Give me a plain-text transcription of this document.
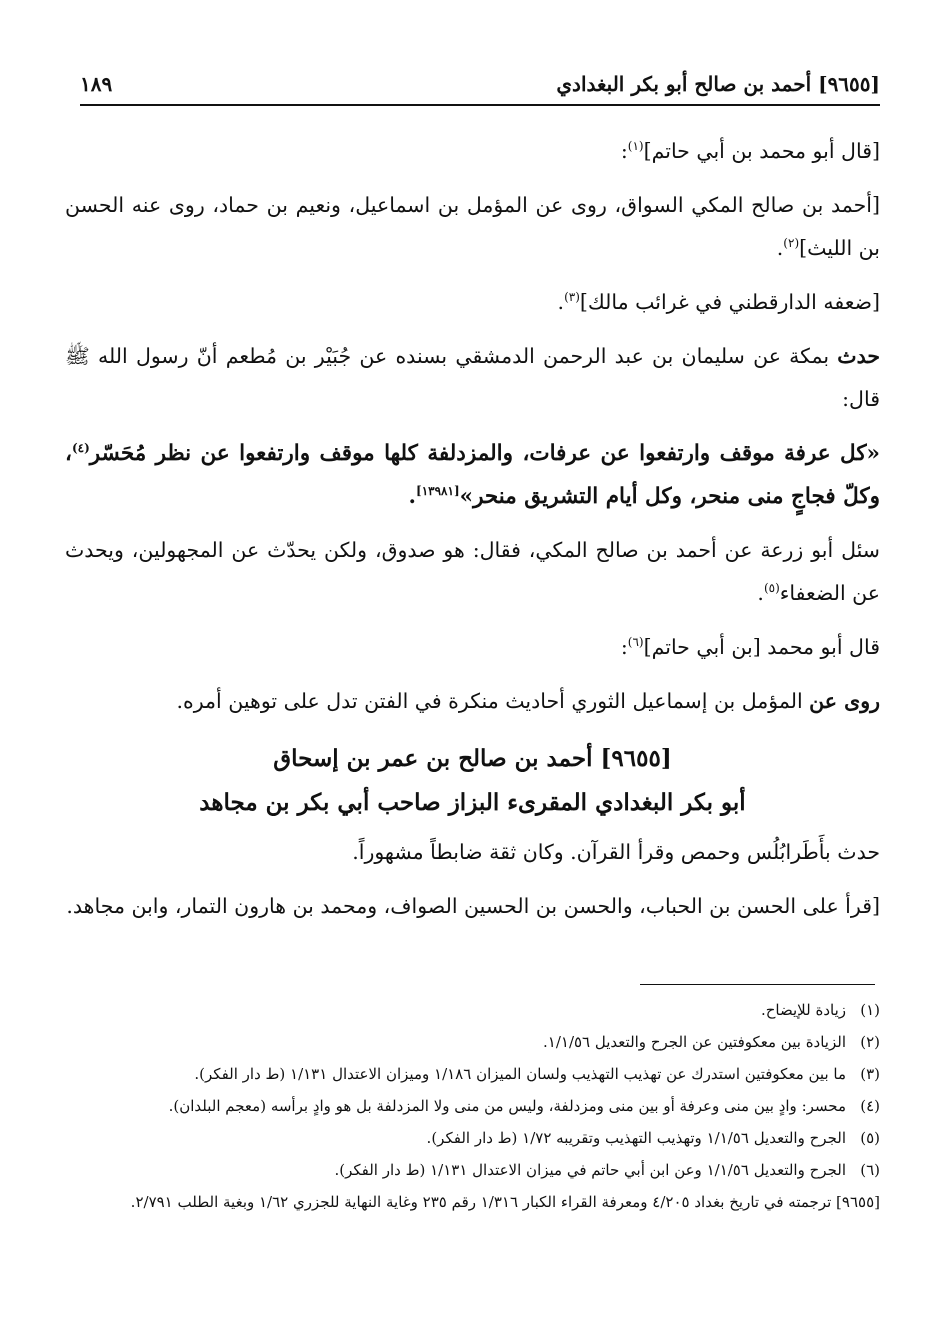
[٩٦٥٥] أحمد بن صالح أبو بكر البغدادي
١٨٩

[قال أبو محمد بن أبي حاتم]$^{(١)}$:

[أحمد بن صالح المكي السواق، روى عن المؤمل بن اسماعيل، ونعيم بن حماد، روى عنه الحسن بن الليث]$^{(٢)}$.

[ضعفه الدارقطني في غرائب مالك]$^{(٣)}$.

حدث بمكة عن سليمان بن عبد الرحمن الدمشقي بسنده عن جُبَيْر بن مُطعم أنّ رسول الله ﷺ قال:

«كل عرفة موقف وارتفعوا عن عرفات، والمزدلفة كلها موقف وارتفعوا عن نظر مُحَسّر$^{(٤)}$، وكلّ فجاجٍ منى منحر، وكل أيام التشريق منحر»[١٣٩٨١].

سئل أبو زرعة عن أحمد بن صالح المكي، فقال: هو صدوق، ولكن يحدّث عن المجهولين، ويحدث عن الضعفاء$^{(٥)}$.

قال أبو محمد [بن أبي حاتم]$^{(٦)}$:

روى عن المؤمل بن إسماعيل الثوري أحاديث منكرة في الفتن تدل على توهين أمره.

[٩٦٥٥] أحمد بن صالح بن عمر بن إسحاق
أبو بكر البغدادي المقرىء البزاز صاحب أبي بكر بن مجاهد

حدث بأَطَرابُلُس وحمص وقرأ القرآن. وكان ثقة ضابطاً مشهوراً.

[قرأ على الحسن بن الحباب، والحسن بن الحسين الصواف، ومحمد بن هارون التمار، وابن مجاهد.

(١)زيادة للإيضاح.

(٢)الزيادة بين معكوفتين عن الجرح والتعديل ١/١/٥٦.

(٣)ما بين معكوفتين استدرك عن تهذيب التهذيب ولسان الميزان ١/١٨٦ وميزان الاعتدال ١/١٣١ (ط دار الفكر).

(٤)محسر: وادٍ بين منى وعرفة أو بين منى ومزدلفة، وليس من منى ولا المزدلفة بل هو وادٍ برأسه (معجم البلدان).

(٥)الجرح والتعديل ١/١/٥٦ وتهذيب التهذيب وتقريبه ١/٧٢ (ط دار الفكر).

(٦)الجرح والتعديل ١/١/٥٦ وعن ابن أبي حاتم في ميزان الاعتدال ١/١٣١ (ط دار الفكر).

[٩٦٥٥] ترجمته في تاريخ بغداد ٤/٢٠٥ ومعرفة القراء الكبار ١/٣١٦ رقم ٢٣٥ وغاية النهاية للجزري ١/٦٢ وبغية الطلب ٢/٧٩١.
